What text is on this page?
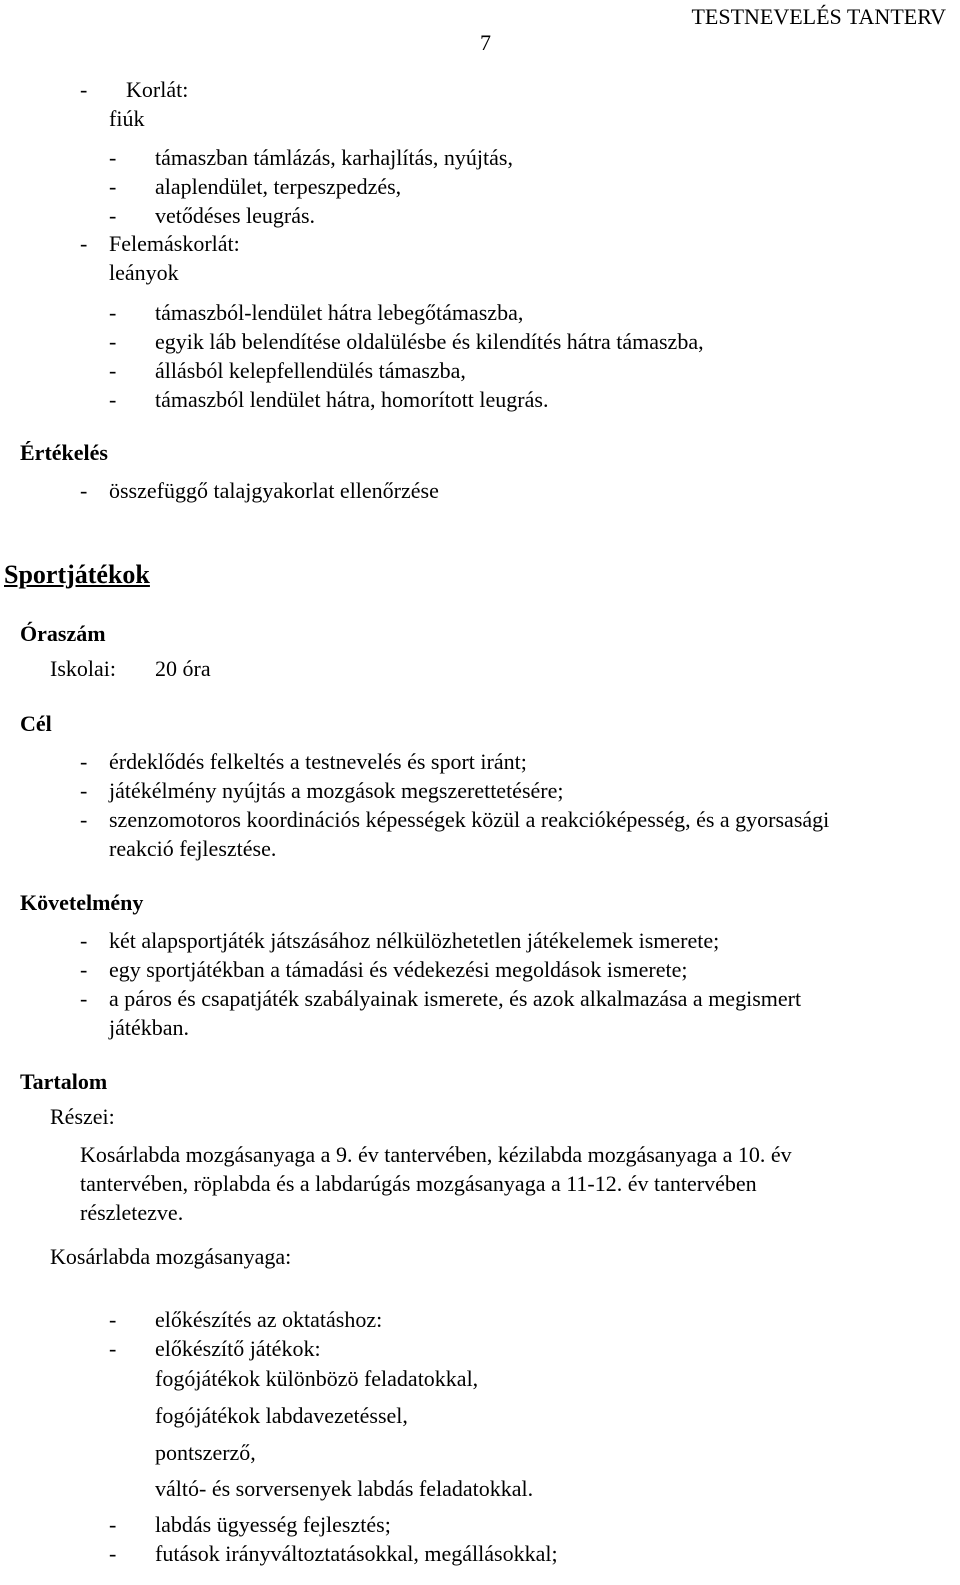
TESTNEVELÉS TANTERV
7
- Korlát:
fiúk
- támaszban támlázás, karhajlítás, nyújtás,
- alaplendület, terpeszpedzés,
- vetődéses leugrás.
- Felemáskorlát:
leányok
- támaszból-lendület hátra lebegőtámaszba,
- egyik láb belendítése oldalülésbe és kilendítés hátra támaszba,
- állásból kelepfellendülés támaszba,
- támaszból lendület hátra, homorított leugrás.
Értékelés
- összefüggő talajgyakorlat ellenőrzése
Sportjátékok
Óraszám
Iskolai: 20 óra
Cél
- érdeklődés felkeltés a testnevelés és sport iránt;
- játékélmény nyújtás a mozgások megszerettetésére;
- szenzomotoros koordinációs képességek közül a reakcióképesség, és a gyorsasági
reakció fejlesztése.
Követelmény
- két alapsportjáték játszásához nélkülözhetetlen játékelemek ismerete;
- egy sportjátékban a támadási és védekezési megoldások ismerete;
- a páros és csapatjáték szabályainak ismerete, és azok alkalmazása a megismert
játékban.
Tartalom
Részei:
Kosárlabda mozgásanyaga a 9. év tantervében, kézilabda mozgásanyaga a 10. év
tantervében, röplabda és a labdarúgás mozgásanyaga a 11-12. év tantervében
részletezve.
Kosárlabda mozgásanyaga:
- előkészítés az oktatáshoz:
- előkészítő játékok:
fogójátékok különbözö feladatokkal,
fogójátékok labdavezetéssel,
pontszerző,
váltó- és sorversenyek labdás feladatokkal.
- labdás ügyesség fejlesztés;
- futások irányváltoztatásokkal, megállásokkal;
